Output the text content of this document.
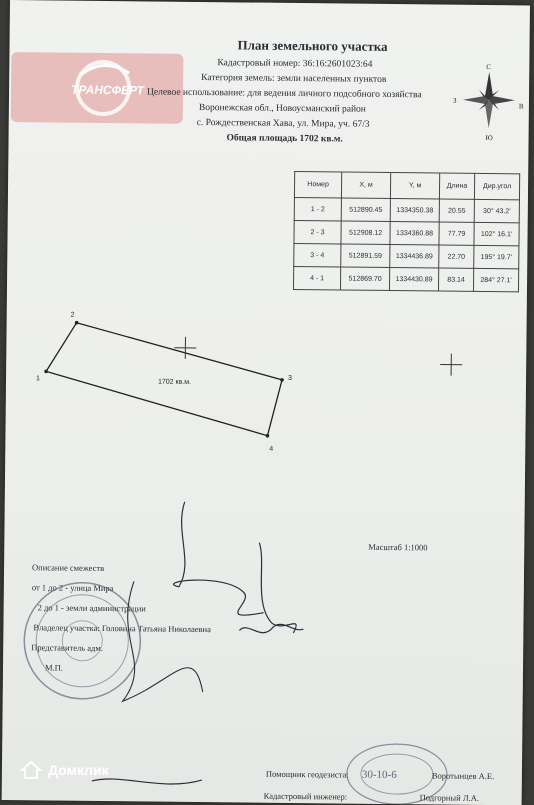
ТРАНСФЕРТ
План земельного участка
Кадастровый номер: 36:16:2601023:64
Категория земель: земли населенных пунктов
Целевое использование: для ведения личного подсобного хозяйства
Воронежская обл., Новоусманский район
с. Рождественская Хава, ул. Мира, уч. 67/3
Общая площадь 1702 кв.м.
С
Ю
З
В
Номер	X, м	Y, м	Длина	Дир.угол
1 - 2	512890.45	1334350.38	20.55	30° 43.2'
2 - 3	512908.12	1334360.88	77.79	102° 16.1'
3 - 4	512891.59	1334436.89	22.70	195° 19.7'
4 - 1	512869.70	1334430.89	83.14	284° 27.1'
1
2
3
4
1702 кв.м.
Масштаб 1:1000
Описание смежеств
от 1 до 2 - улица Мира
2 до 1 - земли администрации
Владелец участка: Головина Татьяна Николаевна
Представитель адм.
М.П.
30-10-6
Помощник геодезиста:	Воротынцев А.Е.
Кадастровый инженер:	Подгорный Л.А.
Домклик
